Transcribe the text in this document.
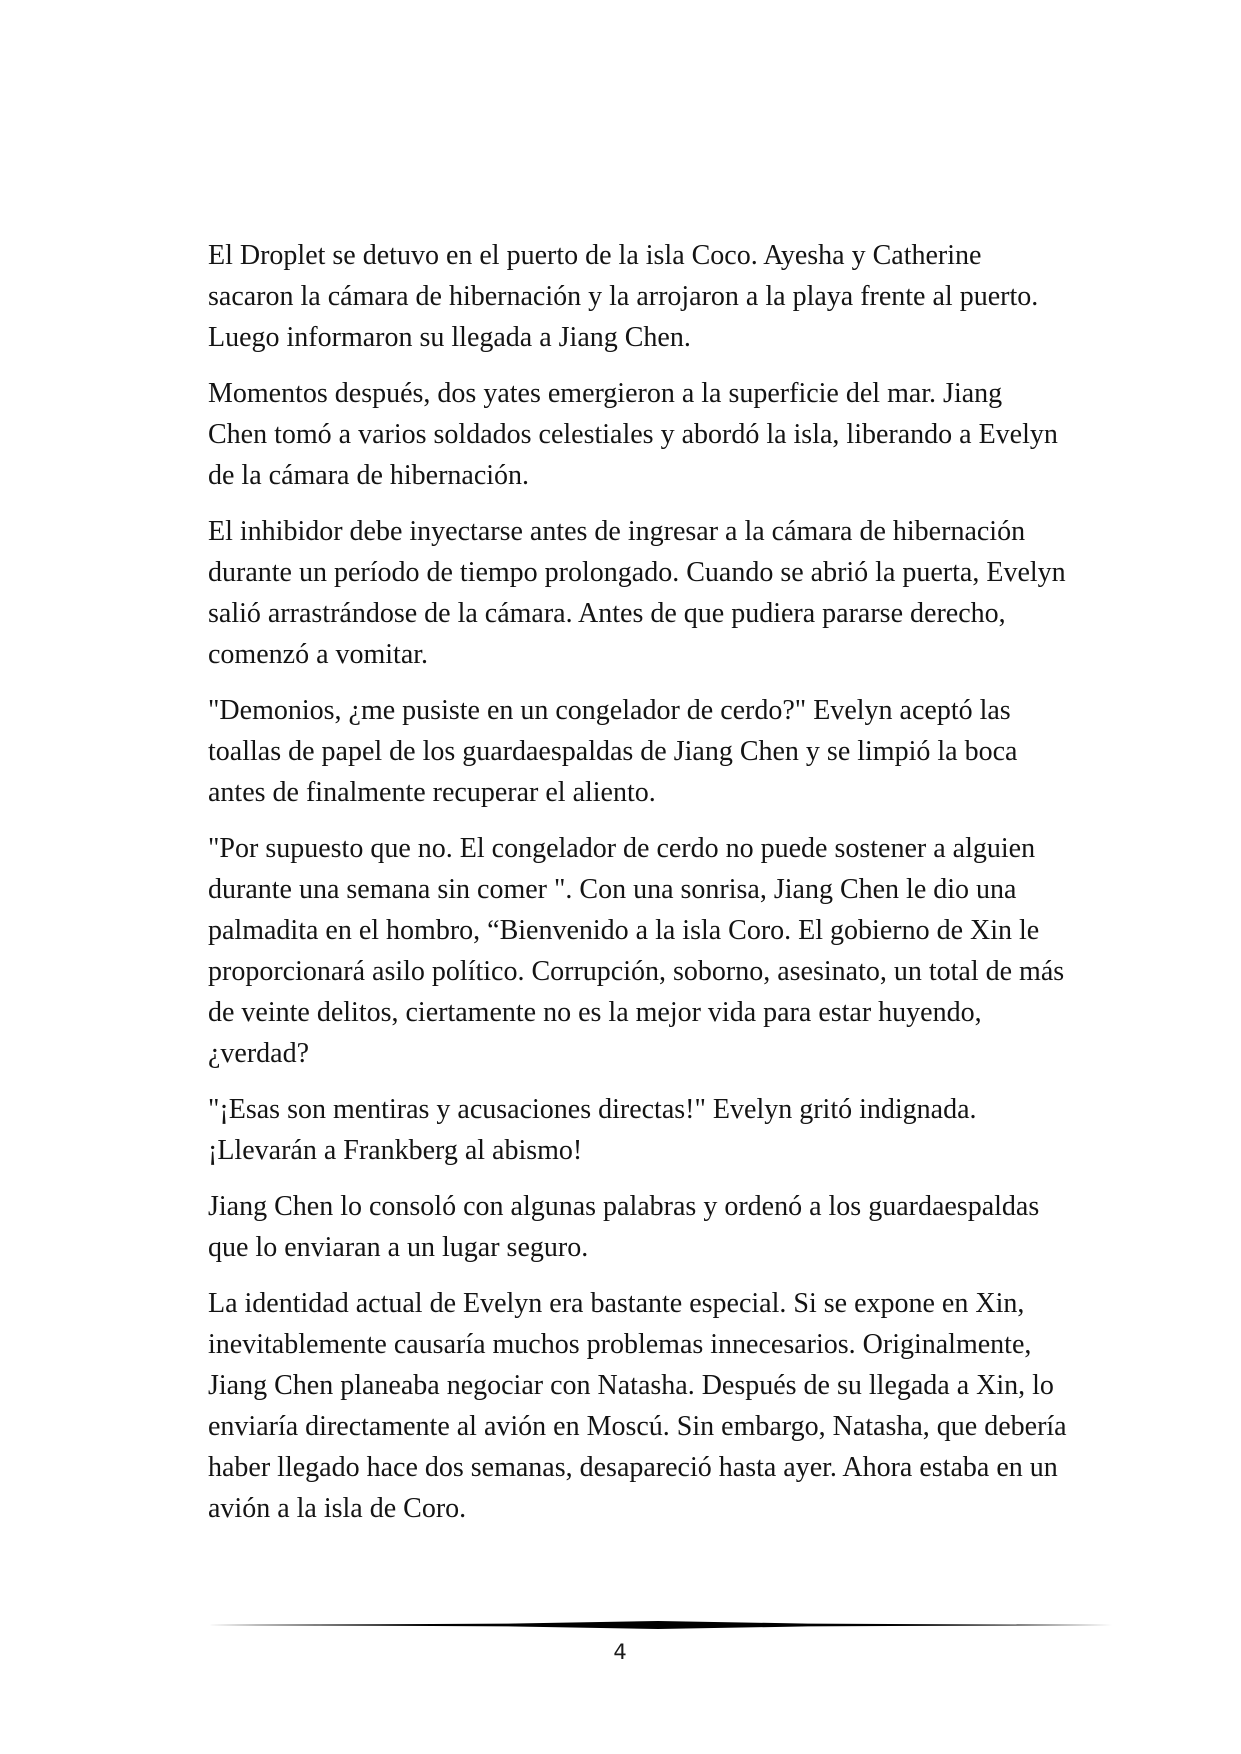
El Droplet se detuvo en el puerto de la isla Coco. Ayesha y Catherine sacaron la cámara de hibernación y la arrojaron a la playa frente al puerto. Luego informaron su llegada a Jiang Chen.

Momentos después, dos yates emergieron a la superficie del mar. Jiang Chen tomó a varios soldados celestiales y abordó la isla, liberando a Evelyn de la cámara de hibernación.

El inhibidor debe inyectarse antes de ingresar a la cámara de hibernación durante un período de tiempo prolongado. Cuando se abrió la puerta, Evelyn salió arrastrándose de la cámara. Antes de que pudiera pararse derecho, comenzó a vomitar.

"Demonios, ¿me pusiste en un congelador de cerdo?" Evelyn aceptó las toallas de papel de los guardaespaldas de Jiang Chen y se limpió la boca antes de finalmente recuperar el aliento.

"Por supuesto que no. El congelador de cerdo no puede sostener a alguien durante una semana sin comer ". Con una sonrisa, Jiang Chen le dio una palmadita en el hombro, “Bienvenido a la isla Coro. El gobierno de Xin le proporcionará asilo político. Corrupción, soborno, asesinato, un total de más de veinte delitos, ciertamente no es la mejor vida para estar huyendo, ¿verdad?

"¡Esas son mentiras y acusaciones directas!" Evelyn gritó indignada. ¡Llevarán a Frankberg al abismo!

Jiang Chen lo consoló con algunas palabras y ordenó a los guardaespaldas que lo enviaran a un lugar seguro.

La identidad actual de Evelyn era bastante especial. Si se expone en Xin, inevitablemente causaría muchos problemas innecesarios. Originalmente, Jiang Chen planeaba negociar con Natasha. Después de su llegada a Xin, lo enviaría directamente al avión en Moscú. Sin embargo, Natasha, que debería haber llegado hace dos semanas, desapareció hasta ayer. Ahora estaba en un avión a la isla de Coro.

4
